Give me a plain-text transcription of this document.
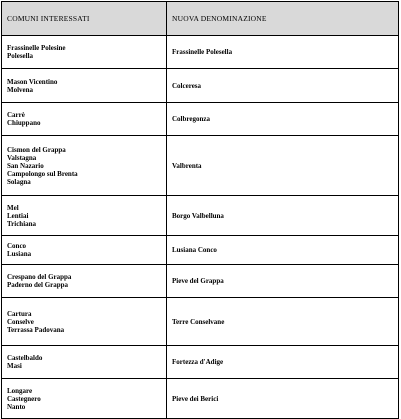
COMUNI INTERESSATI	NUOVA DENOMINAZIONE

Frassinelle Polesine
Polesella	Frassinelle Polesella

Mason Vicentino
Molvena	Colceresa

Carrè
Chiuppano	Colbregonza

Cismon del Grappa
Valstagna
San Nazario
Campolongo sul Brenta
Solagna	Valbrenta

Mel
Lentiai
Trichiana	Borgo Valbelluna

Conco
Lusiana	Lusiana Conco

Crespano del Grappa
Paderno del Grappa	Pieve del Grappa

Cartura
Conselve
Terrassa Padovana	Terre Conselvane

Castelbaldo
Masi	Fortezza d'Adige

Longare
Castegnero
Nanto	Pieve dei Berici
